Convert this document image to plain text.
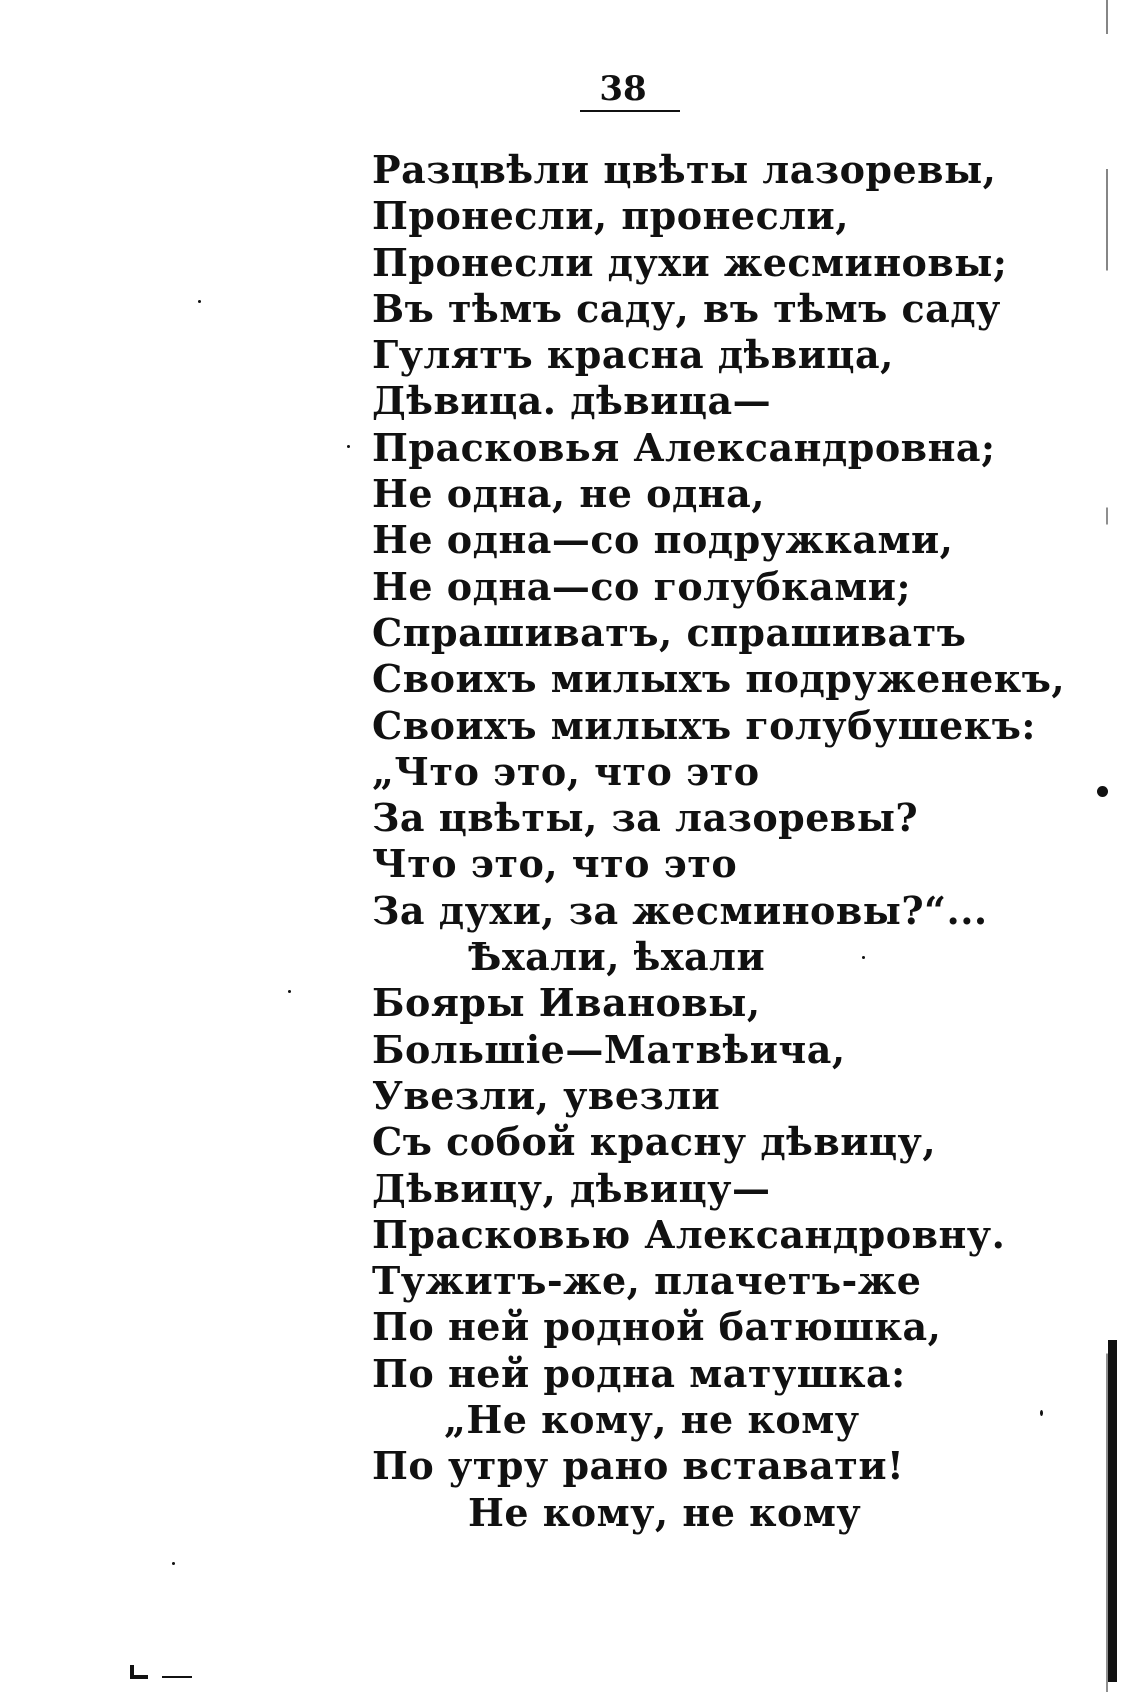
38
Разцвѣли цвѣты лазоревы,
Пронесли, пронесли,
Пронесли духи жесминовы;
Въ тѣмъ саду, въ тѣмъ саду
Гулятъ красна дѣвица,
Дѣвица. дѣвица—
Прасковья Александровна;
Не одна, не одна,
Не одна—со подружками,
Не одна—со голубками;
Спрашиватъ, спрашиватъ
Своихъ милыхъ подруженекъ,
Своихъ милыхъ голубушекъ:
„Что это, что это
За цвѣты, за лазоревы?
Что это, что это
За духи, за жесминовы?“...
Ѣхали, ѣхали
Бояры Ивановы,
Большіе—Матвѣича,
Увезли, увезли
Съ собой красну дѣвицу,
Дѣвицу, дѣвицу—
Прасковью Александровну.
Тужитъ-же, плачетъ-же
По ней родной батюшка,
По ней родна матушка:
„Не кому, не кому
По утру рано вставати!
Не кому, не кому
